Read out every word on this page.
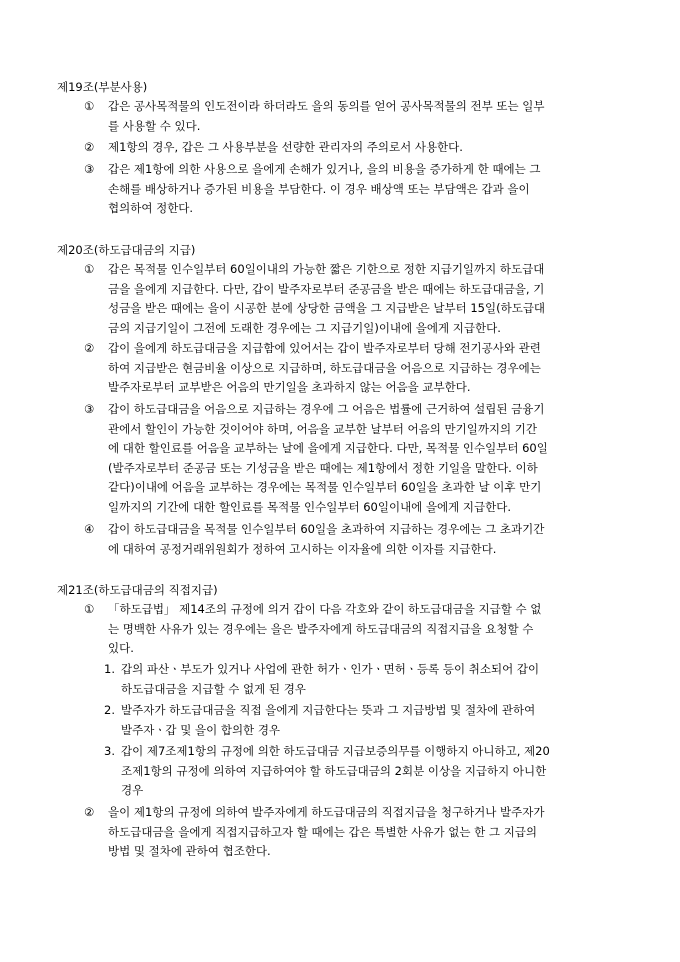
제19조(부분사용)
① 갑은 공사목적물의 인도전이라 하더라도 을의 동의를 얻어 공사목적물의 전부 또는 일부
를 사용할 수 있다.
② 제1항의 경우, 갑은 그 사용부분을 선량한 관리자의 주의로서 사용한다.
③ 갑은 제1항에 의한 사용으로 을에게 손해가 있거나, 을의 비용을 증가하게 한 때에는 그
손해를 배상하거나 증가된 비용을 부담한다. 이 경우 배상액 또는 부담액은 갑과 을이
협의하여 정한다.
제20조(하도급대금의 지급)
① 갑은 목적물 인수일부터 60일이내의 가능한 짧은 기한으로 정한 지급기일까지 하도급대
금을 을에게 지급한다. 다만, 갑이 발주자로부터 준공금을 받은 때에는 하도급대금을, 기
성금을 받은 때에는 을이 시공한 분에 상당한 금액을 그 지급받은 날부터 15일(하도급대
금의 지급기일이 그전에 도래한 경우에는 그 지급기일)이내에 을에게 지급한다.
② 갑이 을에게 하도급대금을 지급함에 있어서는 갑이 발주자로부터 당해 전기공사와 관련
하여 지급받은 현금비율 이상으로 지급하며, 하도급대금을 어음으로 지급하는 경우에는
발주자로부터 교부받은 어음의 만기일을 초과하지 않는 어음을 교부한다.
③ 갑이 하도급대금을 어음으로 지급하는 경우에 그 어음은 법률에 근거하여 설립된 금융기
관에서 할인이 가능한 것이어야 하며, 어음을 교부한 날부터 어음의 만기일까지의 기간
에 대한 할인료를 어음을 교부하는 날에 을에게 지급한다. 다만, 목적물 인수일부터 60일
(발주자로부터 준공금 또는 기성금을 받은 때에는 제1항에서 정한 기일을 말한다. 이하
같다)이내에 어음을 교부하는 경우에는 목적물 인수일부터 60일을 초과한 날 이후 만기
일까지의 기간에 대한 할인료를 목적물 인수일부터 60일이내에 을에게 지급한다.
④ 갑이 하도급대금을 목적물 인수일부터 60일을 초과하여 지급하는 경우에는 그 초과기간
에 대하여 공정거래위원회가 정하여 고시하는 이자율에 의한 이자를 지급한다.
제21조(하도급대금의 직접지급)
① 「하도급법」 제14조의 규정에 의거 갑이 다음 각호와 같이 하도급대금을 지급할 수 없
는 명백한 사유가 있는 경우에는 을은 발주자에게 하도급대금의 직접지급을 요청할 수
있다.
1. 갑의 파산ㆍ부도가 있거나 사업에 관한 허가ㆍ인가ㆍ면허ㆍ등록 등이 취소되어 갑이
하도급대금을 지급할 수 없게 된 경우
2. 발주자가 하도급대금을 직접 을에게 지급한다는 뜻과 그 지급방법 및 절차에 관하여
발주자ㆍ갑 및 을이 합의한 경우
3. 갑이 제7조제1항의 규정에 의한 하도급대금 지급보증의무를 이행하지 아니하고, 제20
조제1항의 규정에 의하여 지급하여야 할 하도급대금의 2회분 이상을 지급하지 아니한
경우
② 을이 제1항의 규정에 의하여 발주자에게 하도급대금의 직접지급을 청구하거나 발주자가
하도급대금을 을에게 직접지급하고자 할 때에는 갑은 특별한 사유가 없는 한 그 지급의
방법 및 절차에 관하여 협조한다.
